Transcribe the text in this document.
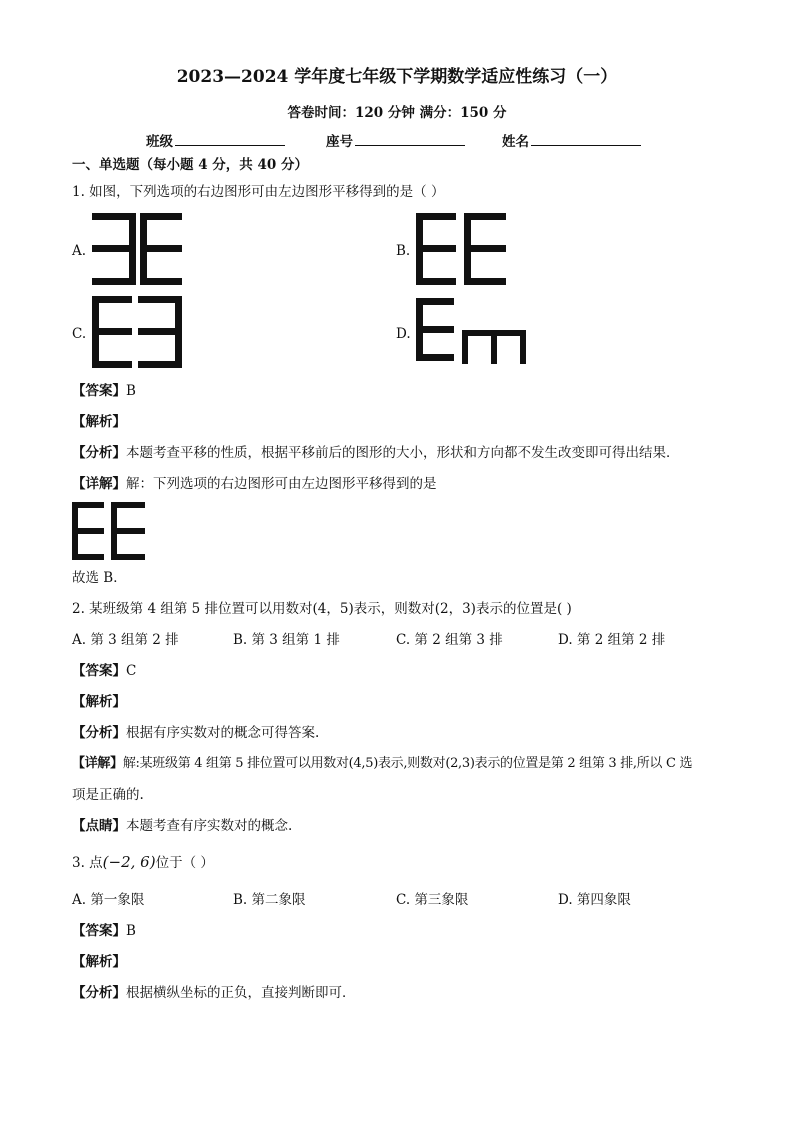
2023—2024 学年度七年级下学期数学适应性练习（一）
答卷时间：120 分钟 满分：150 分
班级	座号	姓名
一、单选题（每小题 4 分，共 40 分）
1. 如图，下列选项的右边图形可由左边图形平移得到的是（ ）
A.	B.
C.	D.
【答案】B
【解析】
【分析】本题考查平移的性质，根据平移前后的图形的大小，形状和方向都不发生改变即可得出结果．
【详解】解：下列选项的右边图形可由左边图形平移得到的是
故选 B．
2. 某班级第 4 组第 5 排位置可以用数对(4，5)表示，则数对(2，3)表示的位置是( )
A. 第 3 组第 2 排	B. 第 3 组第 1 排	C. 第 2 组第 3 排	D. 第 2 组第 2 排
【答案】C
【解析】
【分析】根据有序实数对的概念可得答案.
【详解】解:某班级第 4 组第 5 排位置可以用数对(4,5)表示,则数对(2,3)表示的位置是第 2 组第 3 排,所以 C 选
项是正确的.
【点睛】本题考查有序实数对的概念.
3. 点(−2, 6)位于（ ）
A. 第一象限	B. 第二象限	C. 第三象限	D. 第四象限
【答案】B
【解析】
【分析】根据横纵坐标的正负，直接判断即可．
